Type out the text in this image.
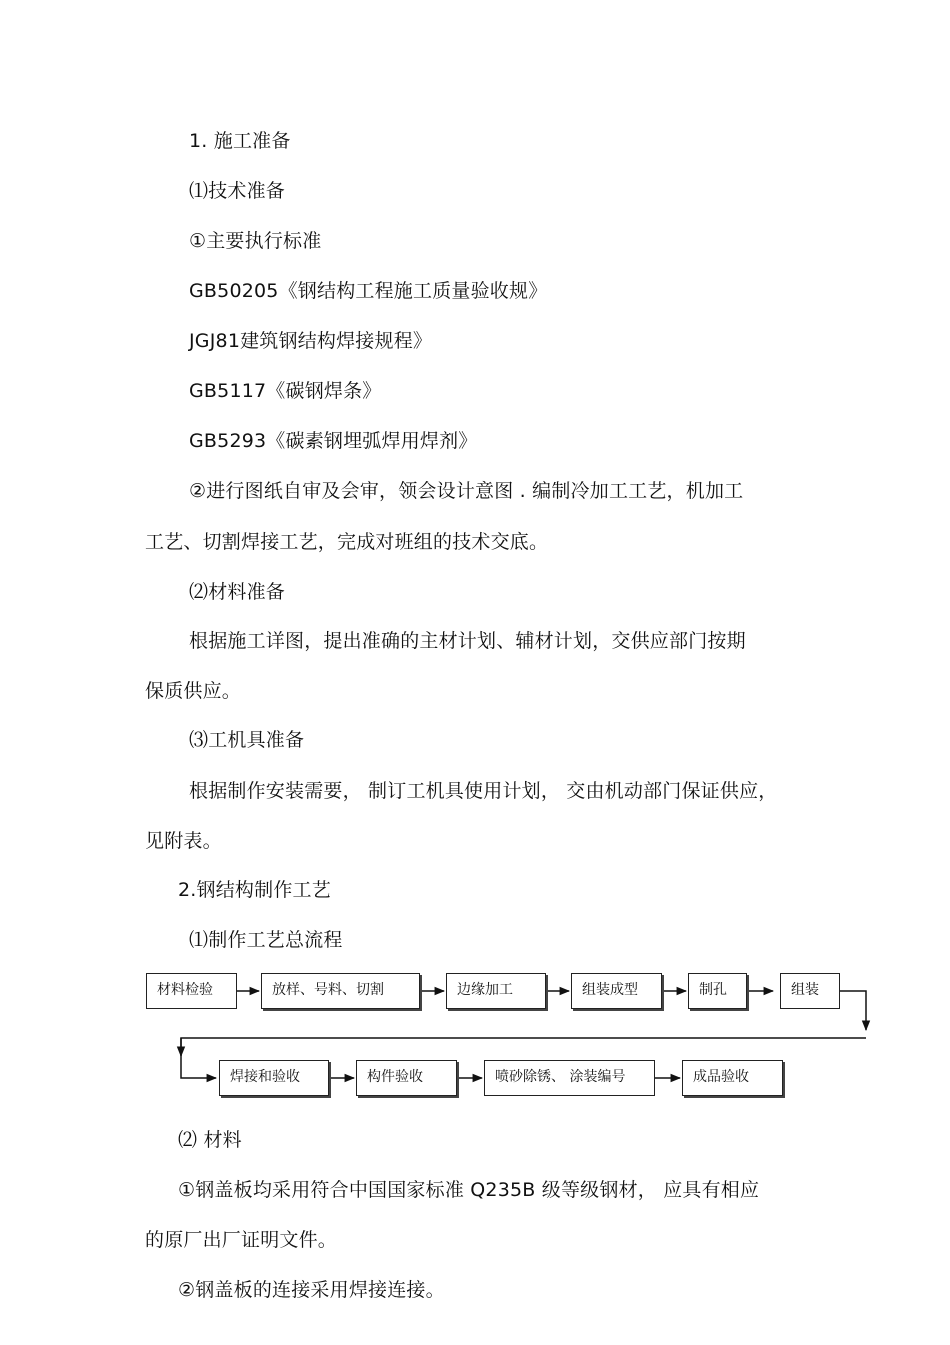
1. 施工准备
⑴技术准备
①主要执行标准
GB50205《钢结构工程施工质量验收规》
JGJ81建筑钢结构焊接规程》
GB5117《碳钢焊条》
GB5293《碳素钢埋弧焊用焊剂》
②进行图纸自审及会审，领会设计意图 . 编制冷加工工艺，机加工
工艺、切割焊接工艺，完成对班组的技术交底。
⑵材料准备
根据施工详图，提出准确的主材计划、辅材计划，交供应部门按期
保质供应。
⑶工机具准备
根据制作安装需要， 制订工机具使用计划， 交由机动部门保证供应，
见附表。
2.钢结构制作工艺
⑴制作工艺总流程
材料检验	放样、号料、切割	边缘加工	组装成型	制孔	组装
焊接和验收	构件验收	喷砂除锈、 涂装编号	成品验收
⑵ 材料
①钢盖板均采用符合中国国家标准 Q235B 级等级钢材， 应具有相应
的原厂出厂证明文件。
②钢盖板的连接采用焊接连接。
